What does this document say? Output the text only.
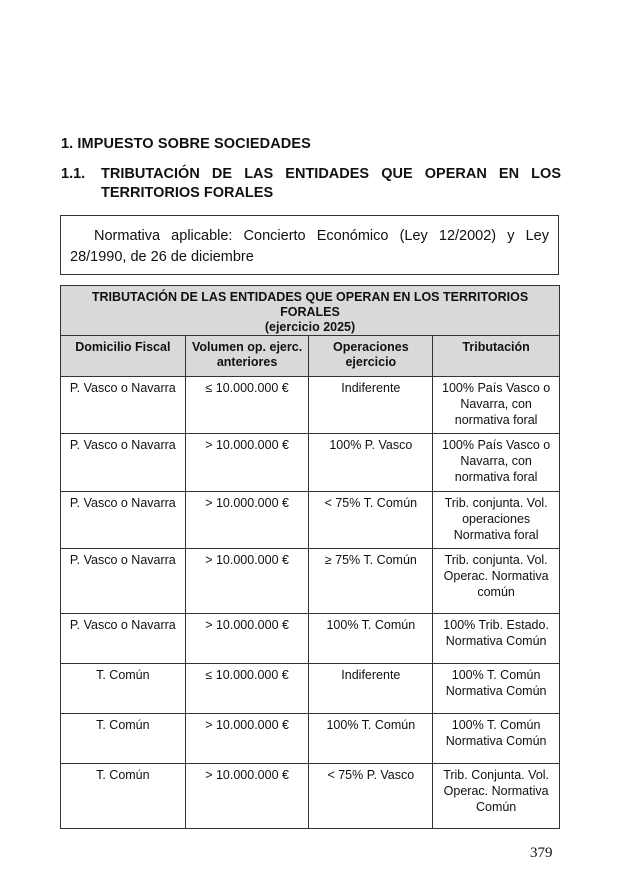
1. IMPUESTO SOBRE SOCIEDADES
1.1. TRIBUTACIÓN DE LAS ENTIDADES QUE OPERAN EN LOS TERRITORIOS FORALES
Normativa aplicable: Concierto Económico (Ley 12/2002) y Ley 28/1990, de 26 de diciembre
TRIBUTACIÓN DE LAS ENTIDADES QUE OPERAN EN LOS TERRITORIOS FORALES
(ejercicio 2025)			

Domicilio Fiscal	Volumen op. ejerc. anteriores	Operaciones ejercicio	Tributación
P. Vasco o Navarra	≤ 10.000.000 €	Indiferente	100% País Vasco o Navarra, con normativa foral
P. Vasco o Navarra	> 10.000.000 €	100% P. Vasco	100% País Vasco o Navarra, con normativa foral
P. Vasco o Navarra	> 10.000.000 €	< 75% T. Común	Trib. conjunta. Vol. operaciones Normativa foral
P. Vasco o Navarra	> 10.000.000 €	≥ 75% T. Común	Trib. conjunta. Vol. Operac. Normativa común
P. Vasco o Navarra	> 10.000.000 €	100% T. Común	100% Trib. Estado. Normativa Común
T. Común	≤ 10.000.000 €	Indiferente	100% T. Común Normativa Común
T. Común	> 10.000.000 €	100% T. Común	100% T. Común Normativa Común
T. Común	> 10.000.000 €	< 75% P. Vasco	Trib. Conjunta. Vol. Operac. Normativa Común
379
